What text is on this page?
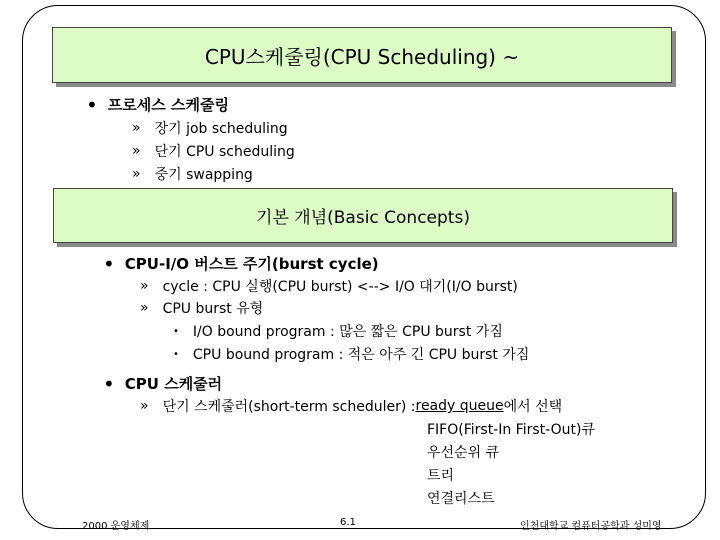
CPU스케줄링(CPU Scheduling) ~
• 프로세스 스케줄링
» 장기 job scheduling
» 단기 CPU scheduling
» 중기 swapping
기본 개념(Basic Concepts)
• CPU-I/O 버스트 주기(burst cycle)
» cycle : CPU 실행(CPU burst) <--> I/O 대기(I/O burst)
» CPU burst 유형
• I/O bound program : 많은 짧은 CPU burst 가짐
• CPU bound program : 적은 아주 긴 CPU burst 가짐
• CPU 스케줄러
» 단기 스케줄러(short-term scheduler) : ready queue 에서 선택
FIFO(First-In First-Out)큐
우선순위 큐
트리
연결리스트
2000 운영체제	6.1	인천대학교 컴퓨터공학과 성미영
